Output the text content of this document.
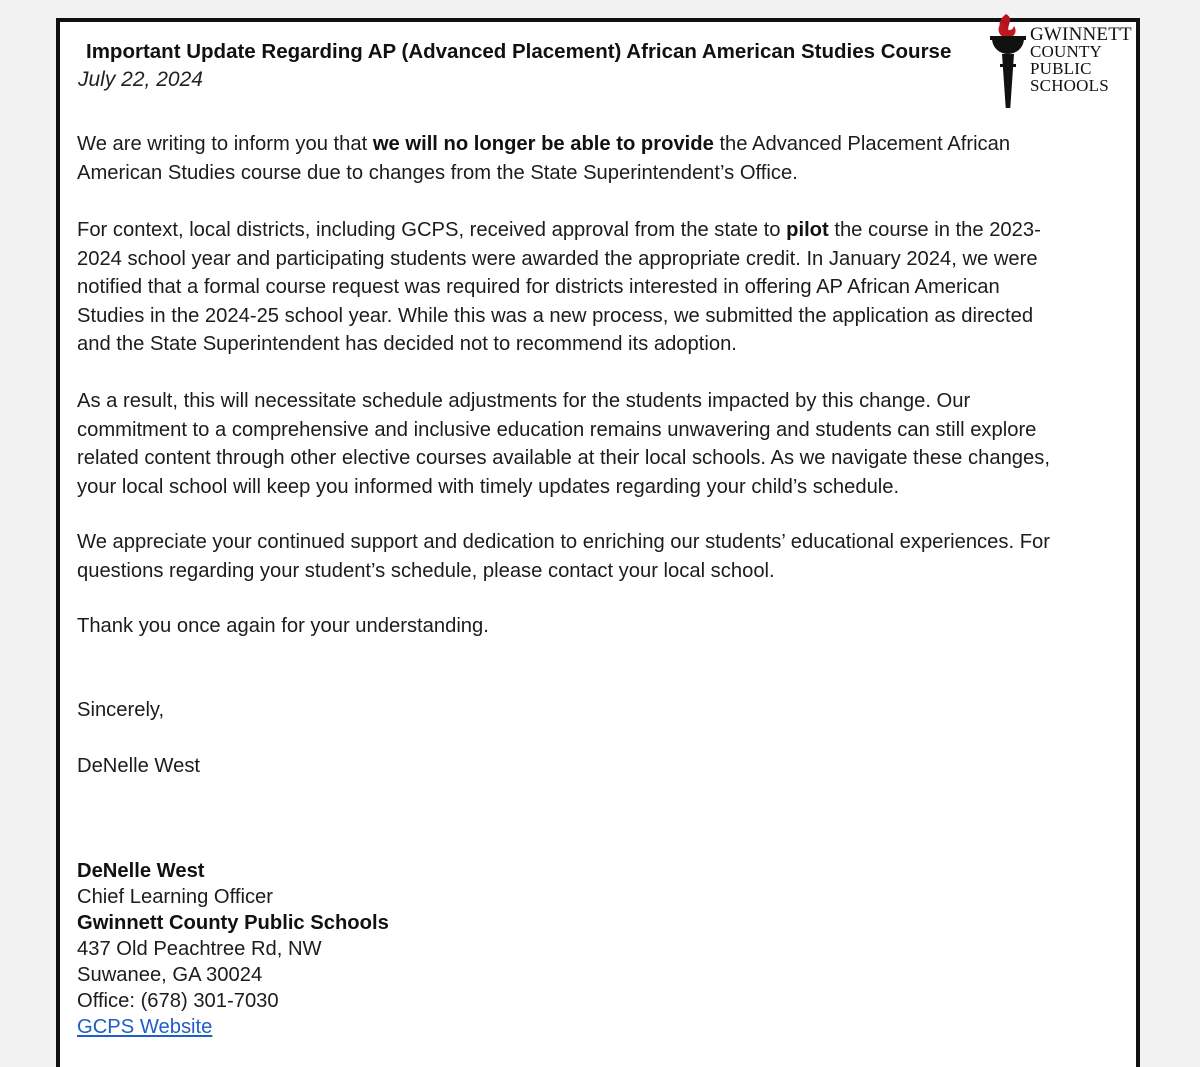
Important Update Regarding AP (Advanced Placement) African American Studies Course
July 22, 2024
GWINNETT
COUNTY
PUBLIC
SCHOOLS
We are writing to inform you that we will no longer be able to provide the Advanced Placement African
American Studies course due to changes from the State Superintendent’s Office.
For context, local districts, including GCPS, received approval from the state to pilot the course in the 2023-
2024 school year and participating students were awarded the appropriate credit. In January 2024, we were
notified that a formal course request was required for districts interested in offering AP African American
Studies in the 2024-25 school year. While this was a new process, we submitted the application as directed
and the State Superintendent has decided not to recommend its adoption.
As a result, this will necessitate schedule adjustments for the students impacted by this change. Our
commitment to a comprehensive and inclusive education remains unwavering and students can still explore
related content through other elective courses available at their local schools. As we navigate these changes,
your local school will keep you informed with timely updates regarding your child’s schedule.
We appreciate your continued support and dedication to enriching our students’ educational experiences. For
questions regarding your student’s schedule, please contact your local school.
Thank you once again for your understanding.
Sincerely,
DeNelle West
DeNelle West
Chief Learning Officer
Gwinnett County Public Schools
437 Old Peachtree Rd, NW
Suwanee, GA 30024
Office: (678) 301-7030
GCPS Website
